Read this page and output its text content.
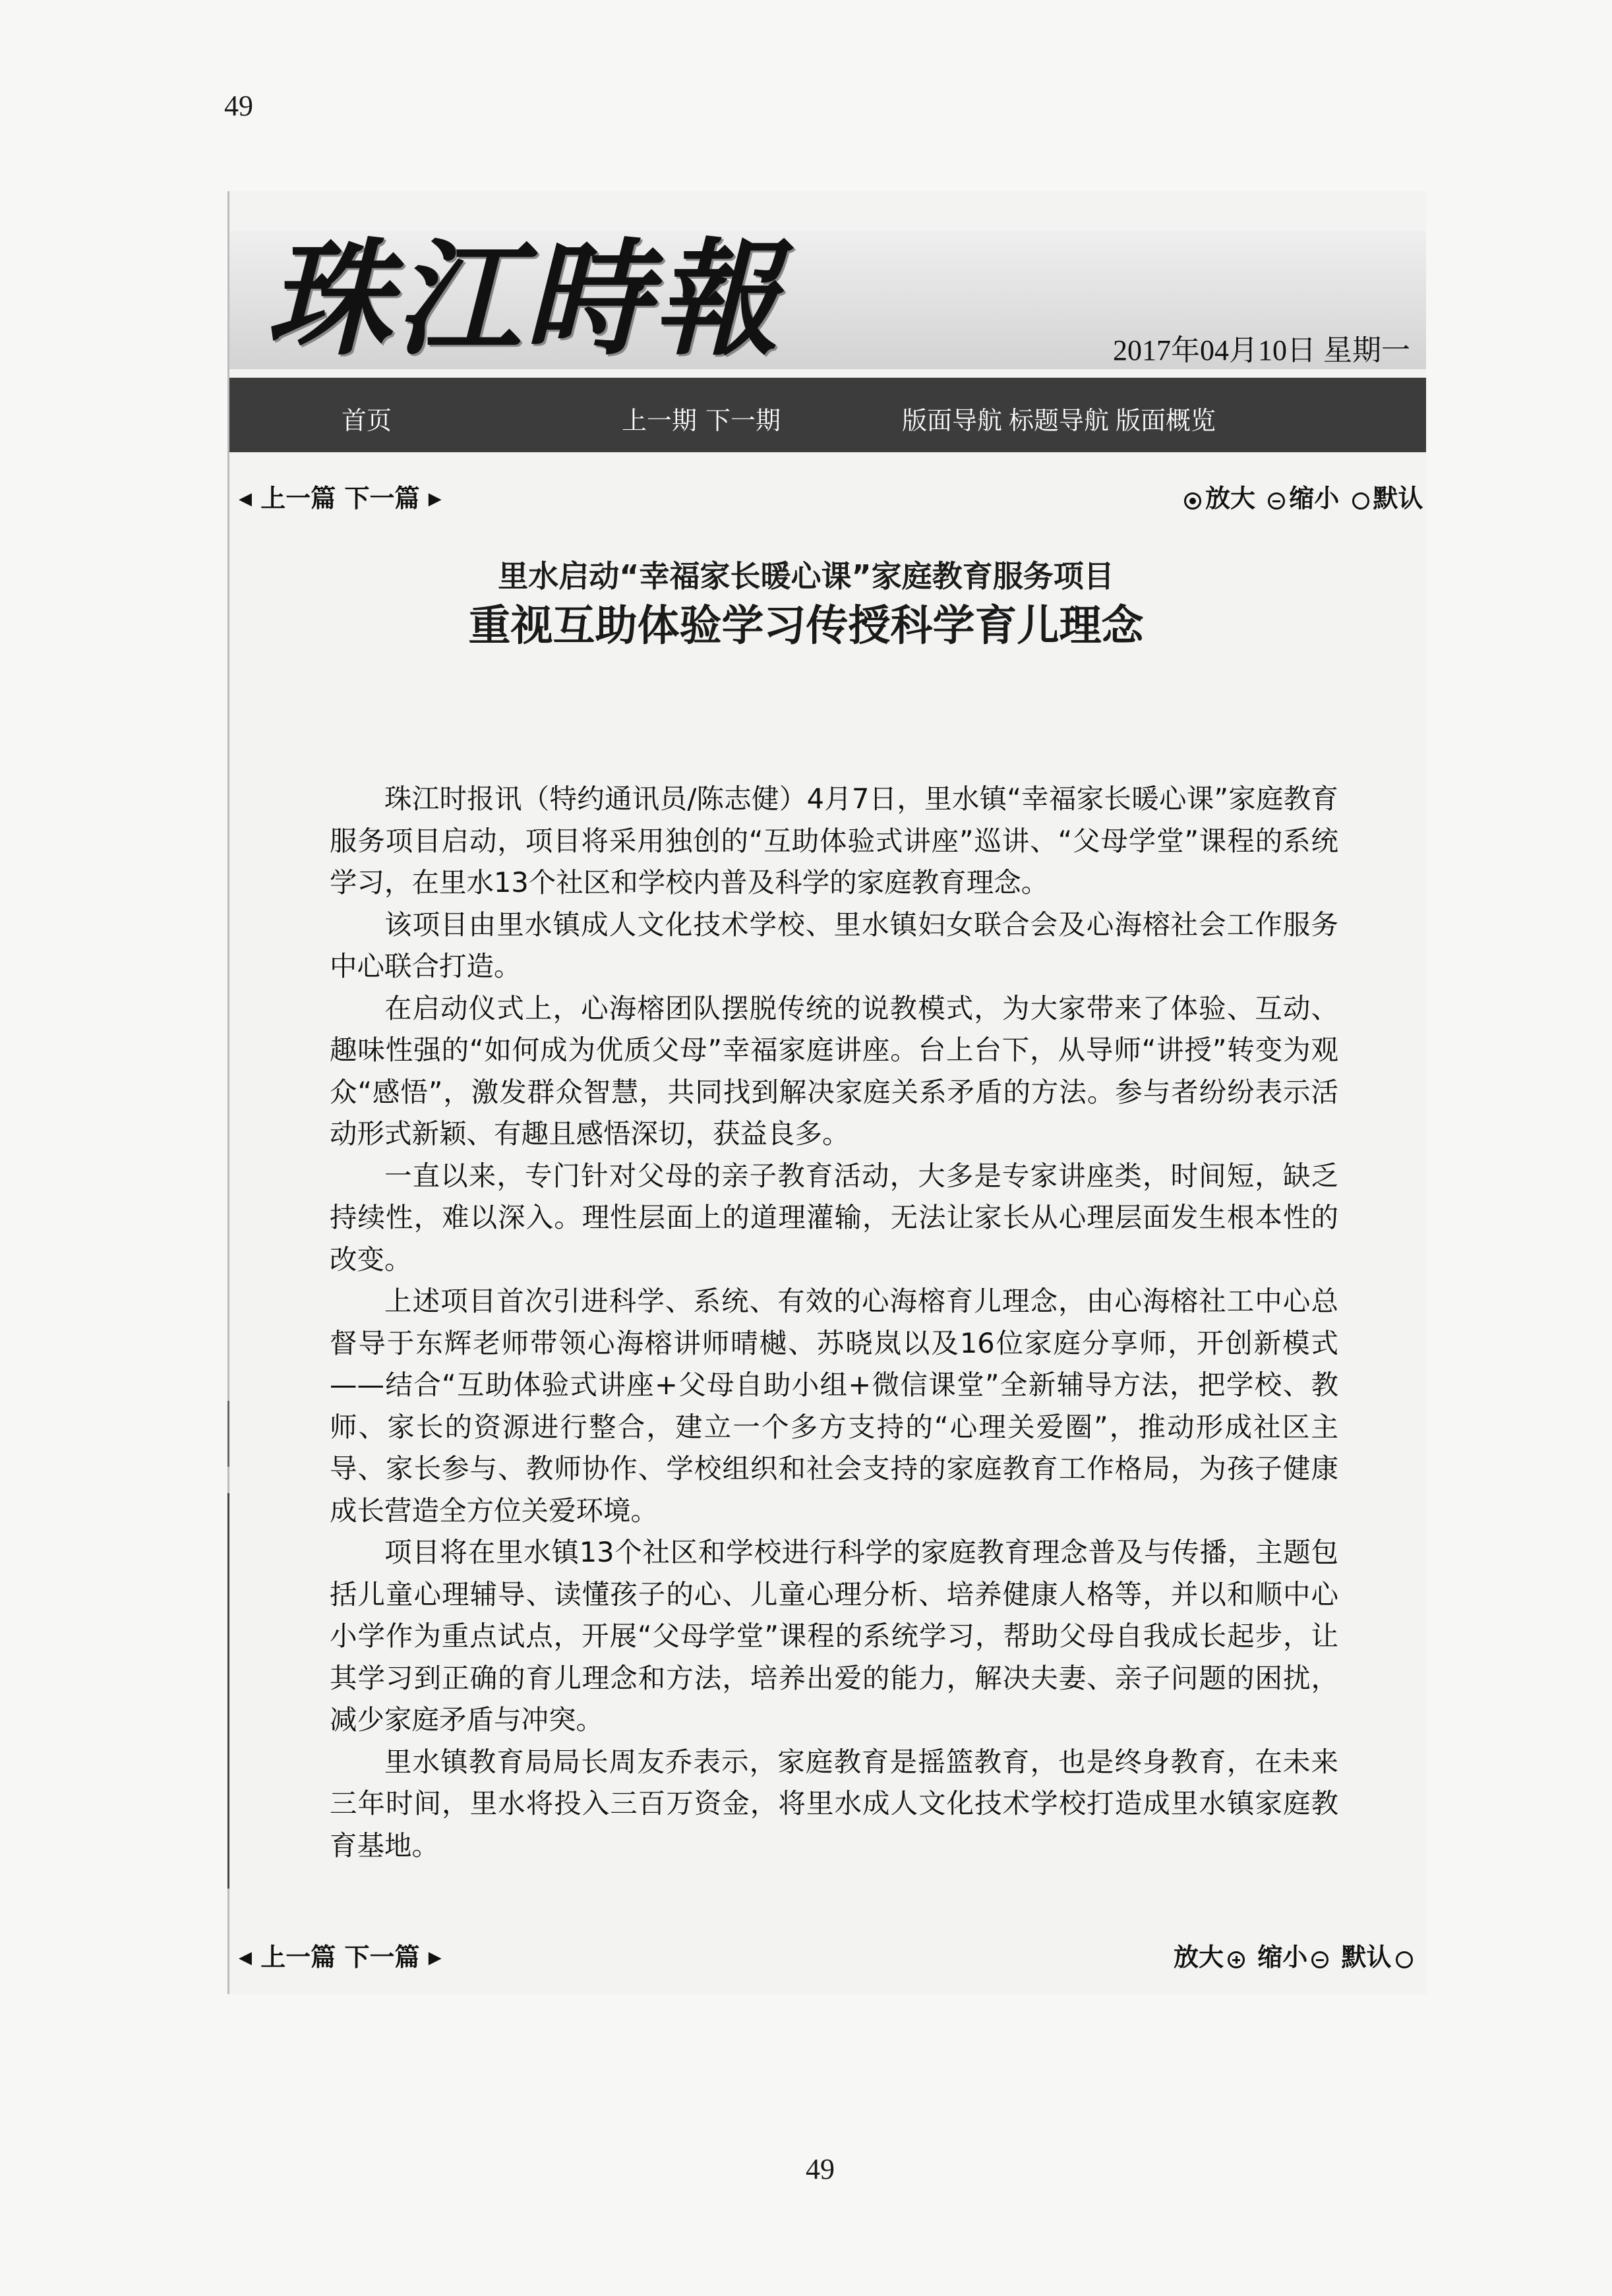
49
珠江時報	2017年04月10日 星期一
首页	上一期 下一期	版面导航 标题导航 版面概览
◀ 上一篇 下一篇 ▶	放大 缩小 默认
里水启动“幸福家长暖心课”家庭教育服务项目
重视互助体验学习传授科学育儿理念

珠江时报讯（特约通讯员/陈志健）4月7日，里水镇“幸福家长暖心课”家庭教育服务项目启动，项目将采用独创的“互助体验式讲座”巡讲、“父母学堂”课程的系统学习，在里水13个社区和学校内普及科学的家庭教育理念。

该项目由里水镇成人文化技术学校、里水镇妇女联合会及心海榕社会工作服务中心联合打造。

在启动仪式上，心海榕团队摆脱传统的说教模式，为大家带来了体验、互动、趣味性强的“如何成为优质父母”幸福家庭讲座。台上台下，从导师“讲授”转变为观众“感悟”，激发群众智慧，共同找到解决家庭关系矛盾的方法。参与者纷纷表示活动形式新颖、有趣且感悟深切，获益良多。

一直以来，专门针对父母的亲子教育活动，大多是专家讲座类，时间短，缺乏持续性，难以深入。理性层面上的道理灌输，无法让家长从心理层面发生根本性的改变。

上述项目首次引进科学、系统、有效的心海榕育儿理念，由心海榕社工中心总督导于东辉老师带领心海榕讲师晴樾、苏晓岚以及16位家庭分享师，开创新模式——结合“互助体验式讲座+父母自助小组+微信课堂”全新辅导方法，把学校、教师、家长的资源进行整合，建立一个多方支持的“心理关爱圈”，推动形成社区主导、家长参与、教师协作、学校组织和社会支持的家庭教育工作格局，为孩子健康成长营造全方位关爱环境。

项目将在里水镇13个社区和学校进行科学的家庭教育理念普及与传播，主题包括儿童心理辅导、读懂孩子的心、儿童心理分析、培养健康人格等，并以和顺中心小学作为重点试点，开展“父母学堂”课程的系统学习，帮助父母自我成长起步，让其学习到正确的育儿理念和方法，培养出爱的能力，解决夫妻、亲子问题的困扰，减少家庭矛盾与冲突。

里水镇教育局局长周友乔表示，家庭教育是摇篮教育，也是终身教育，在未来三年时间，里水将投入三百万资金，将里水成人文化技术学校打造成里水镇家庭教育基地。

◀ 上一篇 下一篇 ▶	放大 缩小 默认
49
